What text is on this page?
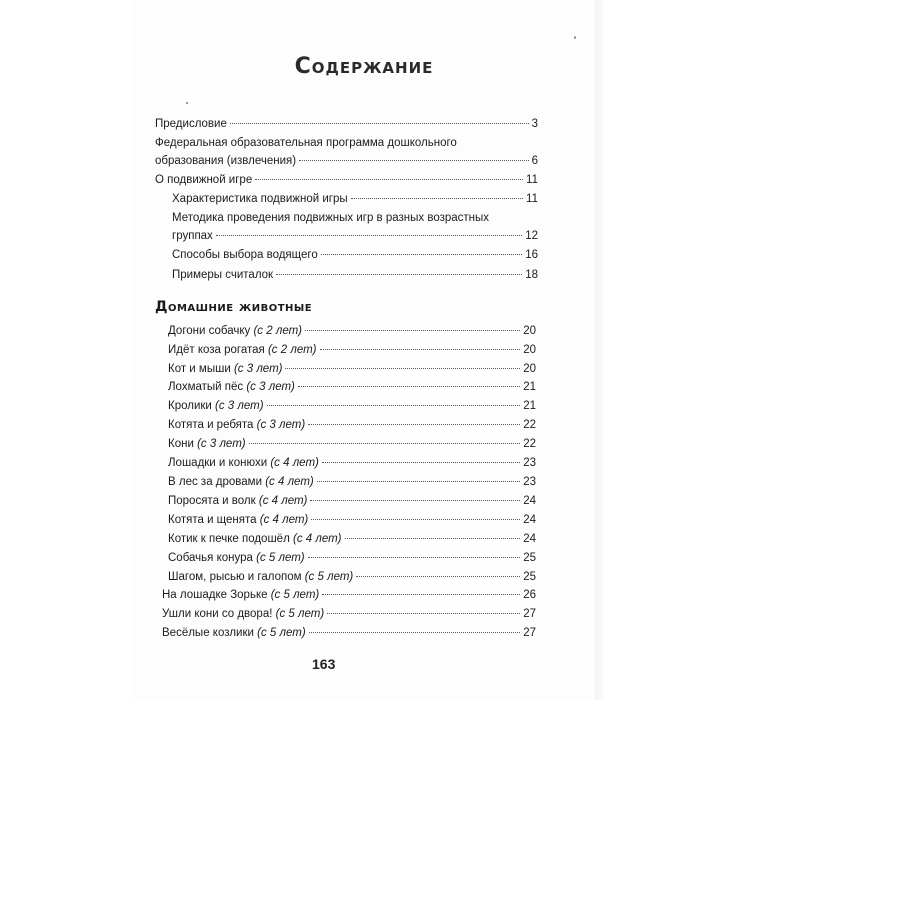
Содержание
Предисловие	3
Федеральная образовательная программа дошкольного
образования (извлечения)	6
О подвижной игре	11
Характеристика подвижной игры	11
Методика проведения подвижных игр в разных возрастных
группах	12
Способы выбора водящего	16
Примеры считалок	18
Домашние животные
Догони собачку (с 2 лет)	20
Идёт коза рогатая (с 2 лет)	20
Кот и мыши (с 3 лет)	20
Лохматый пёс (с 3 лет)	21
Кролики (с 3 лет)	21
Котята и ребята (с 3 лет)	22
Кони (с 3 лет)	22
Лошадки и конюхи (с 4 лет)	23
В лес за дровами (с 4 лет)	23
Поросята и волк (с 4 лет)	24
Котята и щенята (с 4 лет)	24
Котик к печке подошёл (с 4 лет)	24
Собачья конура (с 5 лет)	25
Шагом, рысью и галопом (с 5 лет)	25
На лошадке Зорьке (с 5 лет)	26
Ушли кони со двора! (с 5 лет)	27
Весёлые козлики (с 5 лет)	27
163
